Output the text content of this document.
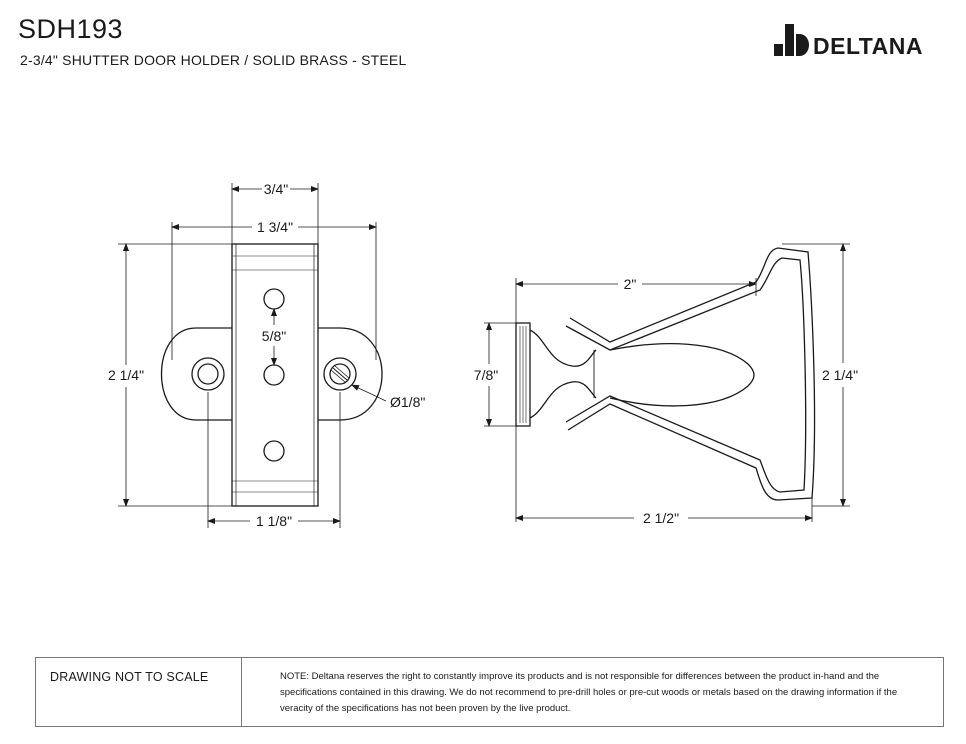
SDH193
2-3/4" SHUTTER DOOR HOLDER / SOLID BRASS - STEEL
DELTANA
3/4"
1 3/4"
2 1/4"
5/8"
Ø1/8"
1 1/8"
2"
7/8"	2 1/4"
2 1/2"
DRAWING NOT TO SCALE	NOTE: Deltana reserves the right to constantly improve its products and is not responsible for differences between the product in-hand and the specifications contained in this drawing. We do not recommend to pre-drill holes or pre-cut woods or metals based on the drawing information if the veracity of the specifications has not been proven by the live product.
